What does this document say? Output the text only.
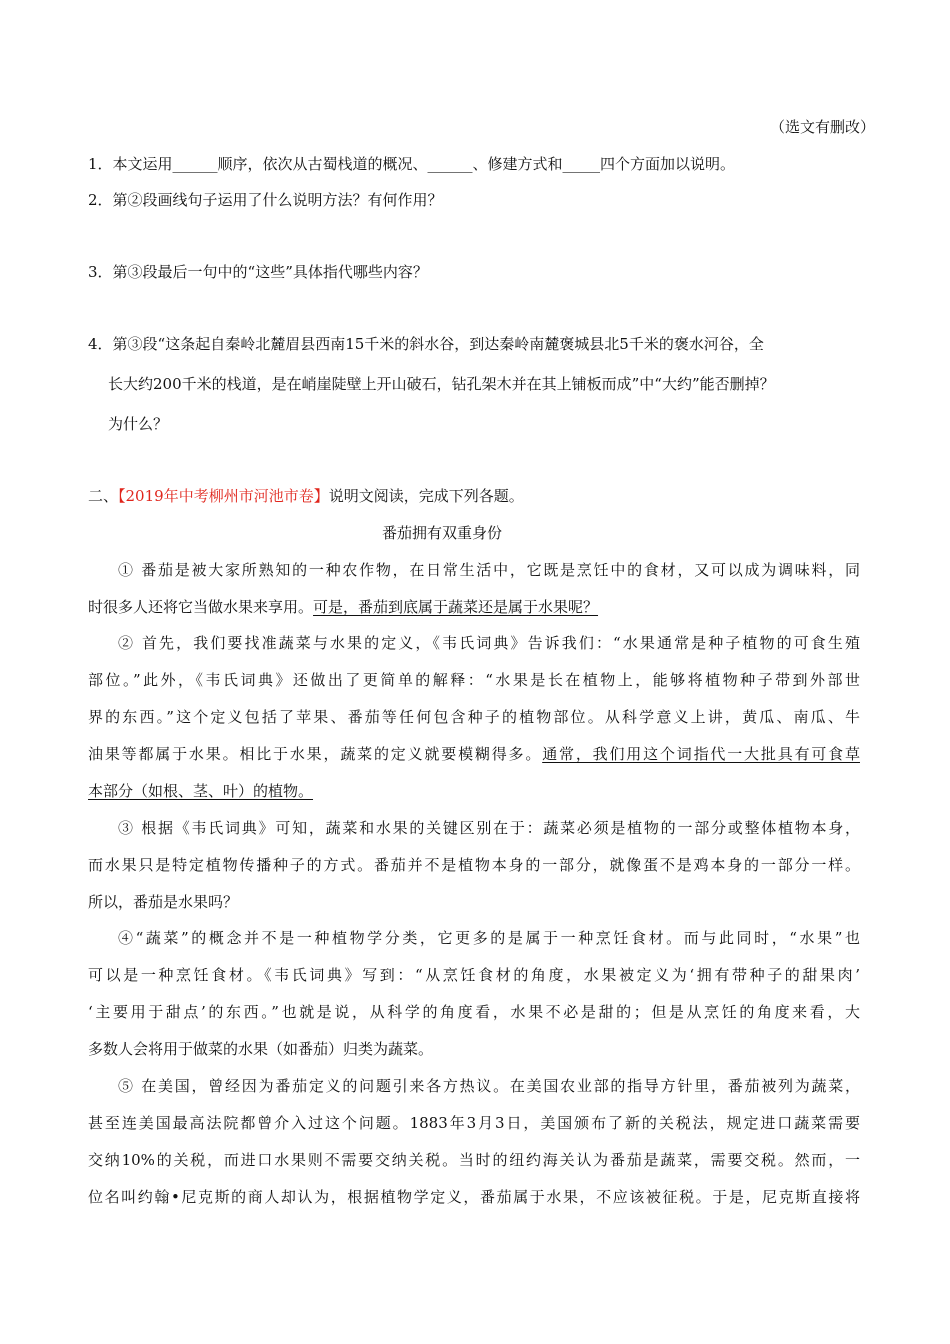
（选文有删改）
1．本文运用______顺序，依次从古蜀栈道的概况、______、修建方式和_____四个方面加以说明。
2．第②段画线句子运用了什么说明方法？有何作用？
3．第③段最后一句中的“这些”具体指代哪些内容？
4．第③段“这条起自秦岭北麓眉县西南15千米的斜水谷，到达秦岭南麓褒城县北5千米的褒水河谷，全
长大约200千米的栈道，是在峭崖陡壁上开山破石，钻孔架木并在其上铺板而成”中“大约”能否删掉？
为什么？
二、【2019年中考柳州市河池市卷】说明文阅读，完成下列各题。
番茄拥有双重身份
① 番茄是被大家所熟知的一种农作物，在日常生活中，它既是烹饪中的食材，又可以成为调味料，同
时很多人还将它当做水果来享用。可是，番茄到底属于蔬菜还是属于水果呢？
② 首先，我们要找准蔬菜与水果的定义，《韦氏词典》告诉我们：“水果通常是种子植物的可食生殖
部位。”此外，《韦氏词典》还做出了更简单的解释：“水果是长在植物上，能够将植物种子带到外部世
界的东西。”这个定义包括了苹果、番茄等任何包含种子的植物部位。从科学意义上讲，黄瓜、南瓜、牛
油果等都属于水果。相比于水果，蔬菜的定义就要模糊得多。通常，我们用这个词指代一大批具有可食草
本部分（如根、茎、叶）的植物。
③ 根据《韦氏词典》可知，蔬菜和水果的关键区别在于：蔬菜必须是植物的一部分或整体植物本身，
而水果只是特定植物传播种子的方式。番茄并不是植物本身的一部分，就像蛋不是鸡本身的一部分一样。
所以，番茄是水果吗？
④“蔬菜”的概念并不是一种植物学分类，它更多的是属于一种烹饪食材。而与此同时，“水果”也
可以是一种烹饪食材。《韦氏词典》写到：“从烹饪食材的角度，水果被定义为‘拥有带种子的甜果肉’
‘主要用于甜点’的东西。”也就是说，从科学的角度看，水果不必是甜的；但是从烹饪的角度来看，大
多数人会将用于做菜的水果（如番茄）归类为蔬菜。
⑤ 在美国，曾经因为番茄定义的问题引来各方热议。在美国农业部的指导方针里，番茄被列为蔬菜，
甚至连美国最高法院都曾介入过这个问题。1883年3月3日，美国颁布了新的关税法，规定进口蔬菜需要
交纳10%的关税，而进口水果则不需要交纳关税。当时的纽约海关认为番茄是蔬菜，需要交税。然而，一
位名叫约翰•尼克斯的商人却认为，根据植物学定义，番茄属于水果，不应该被征税。于是，尼克斯直接将
